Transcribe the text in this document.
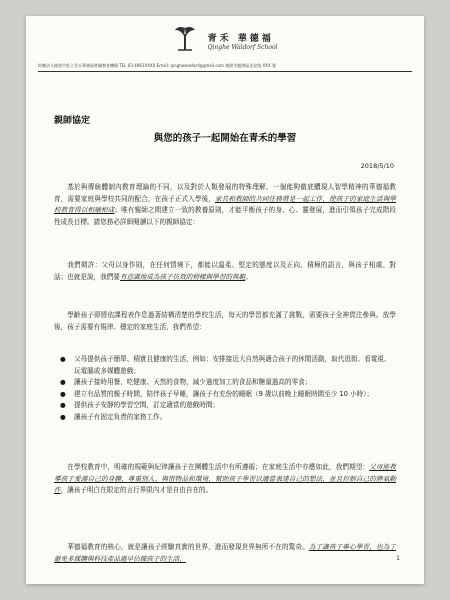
青禾 華德福
Qinghe Waldorf School
財團法人桃園市私立青禾華德福實驗教育機構 TEL 03-4961XXXX Email: qinghewaldorf@gmail.com 桃園市龍潭區佳安路 XXX 號
親師協定
與您的孩子一起開始在青禾的學習
2018/5/10
基於與傳統體制內教育理論的不同，以及對於人類發展的特殊理解，一個能夠徹底體現人智學精神的華德福教育，需要家庭與學校共同的配合，在孩子正式入學後，家長和教師的共同任務將是一起工作，使孩子的家庭生活與學校教育得以相融相成；唯有親師之間建立一致的教養原則，才能平衡孩子的身、心、靈發展，進而引領孩子完成階段性成長目標。請您務必詳細閱讀以下的親師協定：
我們期許：父母以身作則，在任何情境下，都能以溫柔、堅定的態度以及正向、積極的語言，與孩子相處、對話；也就是說，我們要有意識地成為孩子仿效的榜樣與學習的典範。
學齡孩子即將依課程表作息過著結構清楚的學校生活，每天的學習都充滿了挑戰，需要孩子全神貫注參與。放學後，孩子需要有規律、穩定的家庭生活，我們希望：
● 父母提供孩子簡單、積實且健康的生活，例如：安排接近大自然與適合孩子的休閒活動，取代逛街、看電視、玩電腦或多媒體遊戲；
● 讓孩子接時用餐，吃健康、天然的食物，減少過度加工的食品和糖量過高的零食；
● 建立有品質的親子時間，陪伴孩子早睡，讓孩子有充份的睡眠（9 歲以前晚上睡眠時間至少 10 小時）；
● 提供孩子安靜的學習空間，訂定適當的遊戲時間；
● 讓孩子有固定負責的家務工作。
在學校教育中，明確的規範與紀律讓孩子在團體生活中有所遵循；在家庭生活中亦應如此，我們期望：父母能教導孩子愛護自己的身體、尊重別人、與惜物品和環境，幫助孩子學習以適當表達自己的想法，並且控制自己的脾氣動作，讓孩子明白在限定的言行界限內才是自由自在的。
華德福教育的核心，就是讓孩子經驗真實的世界，進而發現世界無所不在的驚奇。為了讓孩子專心學習，也為了避免多媒體與科技產品過早佔據孩子的生活，	1
